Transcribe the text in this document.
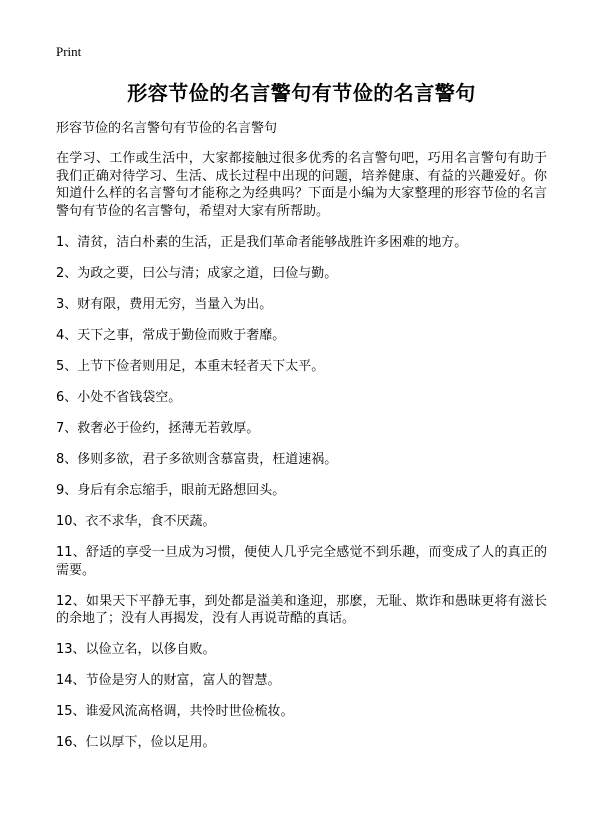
Print
形容节俭的名言警句有节俭的名言警句

形容节俭的名言警句有节俭的名言警句

在学习、工作或生活中，大家都接触过很多优秀的名言警句吧，巧用名言警句有助于我们正确对待学习、生活、成长过程中出现的问题，培养健康、有益的兴趣爱好。你知道什么样的名言警句才能称之为经典吗？下面是小编为大家整理的形容节俭的名言警句有节俭的名言警句，希望对大家有所帮助。

1、清贫，洁白朴素的生活，正是我们革命者能够战胜许多困难的地方。
2、为政之要，曰公与清；成家之道，曰俭与勤。
3、财有限，费用无穷，当量入为出。
4、天下之事，常成于勤俭而败于奢靡。
5、上节下俭者则用足，本重末轻者天下太平。
6、小处不省钱袋空。
7、救奢必于俭约，拯薄无若敦厚。
8、侈则多欲，君子多欲则含慕富贵，枉道速祸。
9、身后有余忘缩手，眼前无路想回头。
10、衣不求华，食不厌蔬。
11、舒适的享受一旦成为习惯，便使人几乎完全感觉不到乐趣，而变成了人的真正的需要。
12、如果天下平静无事，到处都是溢美和逢迎，那麽，无耻、欺诈和愚昧更将有滋长的余地了；没有人再揭发，没有人再说苛酷的真话。
13、以俭立名，以侈自败。
14、节俭是穷人的财富，富人的智慧。
15、谁爱风流高格调，共怜时世俭梳妆。
16、仁以厚下，俭以足用。
